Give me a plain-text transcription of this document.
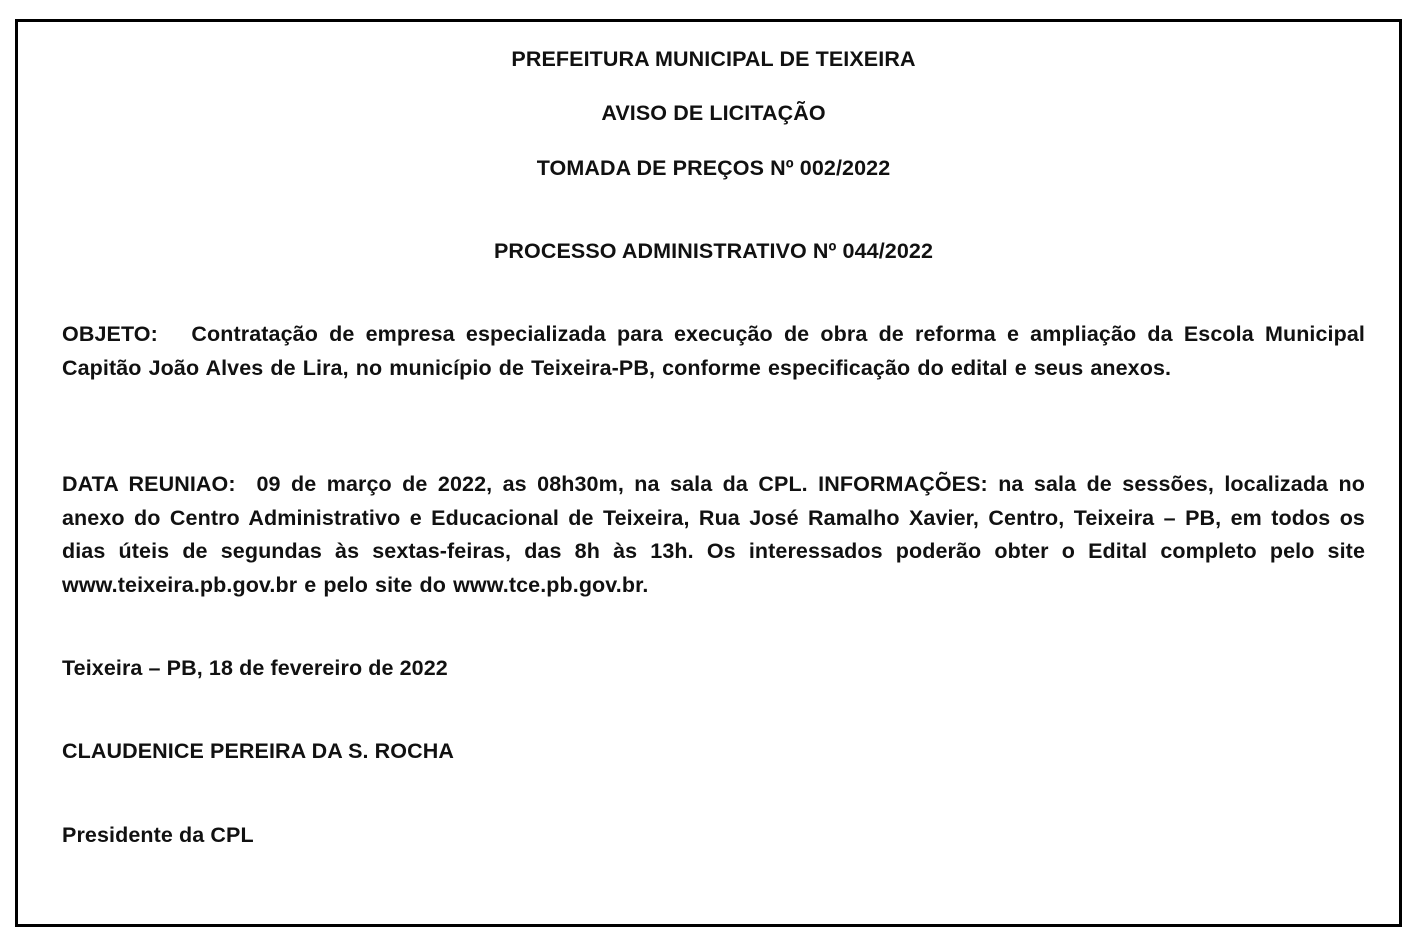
PREFEITURA MUNICIPAL DE TEIXEIRA
AVISO DE LICITAÇÃO
TOMADA DE PREÇOS Nº 002/2022
PROCESSO ADMINISTRATIVO Nº 044/2022
OBJETO: Contratação de empresa especializada para execução de obra de reforma e ampliação da Escola Municipal Capitão João Alves de Lira, no município de Teixeira-PB, conforme especificação do edital e seus anexos.
DATA REUNIAO: 09 de março de 2022, as 08h30m, na sala da CPL. INFORMAÇÕES: na sala de sessões, localizada no anexo do Centro Administrativo e Educacional de Teixeira, Rua José Ramalho Xavier, Centro, Teixeira – PB, em todos os dias úteis de segundas às sextas-feiras, das 8h às 13h. Os interessados poderão obter o Edital completo pelo site www.teixeira.pb.gov.br e pelo site do www.tce.pb.gov.br.
Teixeira – PB, 18 de fevereiro de 2022
CLAUDENICE PEREIRA DA S. ROCHA
Presidente da CPL
